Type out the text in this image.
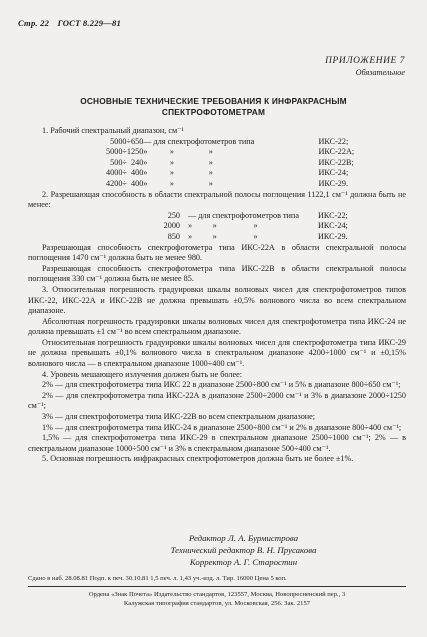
Стр. 22 ГОСТ 8.229—81
ПРИЛОЖЕНИЕ 7
Обязательное
ОСНОВНЫЕ ТЕХНИЧЕСКИЕ ТРЕБОВАНИЯ К ИНФРАКРАСНЫМ
СПЕКТРОФОТОМЕТРАМ

1. Рабочий спектральный диапазон, см⁻¹

5000÷650 — для спектрофотометров типа	ИКС-22;
5000÷1250 »           »                 »	ИКС-22А;
500÷  240 »           »                 »	ИКС-22В;
4000÷  400 »           »                 »	ИКС-24;
4200÷  400 »           »                 »	ИКС-29.

2. Разрешающая способность в области спектральной полосы поглощения 1122,1 см⁻¹ должна быть не менее:

250 — для спектрофотометров типа	ИКС-22;
2000 »          »                  »	ИКС-24;
850 »          »                  »	ИКС-29.

Разрешающая способность спектрофотометра типа ИКС-22А в области спектральной полосы поглощения 1470 см⁻¹ должна быть не менее 980.

Разрешающая способность спектрофотометра типа ИКС-22В в области спектральной полосы поглощения 330 см⁻¹ должна быть не менее 85.

3. Относительная погрешность градуировки шкалы волновых чисел для спектрофотометров типов ИКС-22, ИКС-22А и ИКС-22В не должна превышать ±0,5% волнового числа во всем спектральном диапазоне.

Абсолютная погрешность градуировки шкалы волновых чисел для спектрофотометра типа ИКС-24 не должна превышать ±1 см⁻¹ во всем спектральном диапазоне.

Относительная погрешность градуировки шкалы волновых чисел для спектрофотометра типа ИКС-29 не должна превышать ±0,1% волнового числа в спектральном диапазоне 4200÷1000 см⁻¹ и ±0,15% волнового числа — в спектральном диапазоне 1000÷400 см⁻¹.

4. Уровень мешающего излучения должен быть не более:

2% — для спектрофотометра типа ИКС 22 в диапазоне 2500÷800 см⁻¹ и 5% в диапазоне 800÷650 см⁻¹;

2% — для спектрофотометра типа ИКС-22А в диапазоне 2500÷2000 см⁻¹ и 3% в диапазоне 2000÷1250 см⁻¹;

3% — для спектрофотометра типа ИКС-22В во всем спектральном диапазоне;

1% — для спектрофотометра типа ИКС-24 в диапазоне 2500÷800 см⁻¹ и 2% в диапазоне 800÷400 см⁻¹;

1,5% — для спектрофотометра типа ИКС-29 в спектральном диапазоне 2500÷1000 см⁻¹; 2% — в спектральном диапазоне 1000÷500 см⁻¹ и 3% в спектральном диапазоне 500÷400 см⁻¹.

5. Основная погрешность инфракрасных спектрофотометров должна быть не более ±1%.

Редактор Л. А. Бурмистрова
Технический редактор В. Н. Прусакова
Корректор А. Г. Старостин
Сдано в наб. 28.08.81 Подп. к печ. 30.10.81 1,5 печ. л. 1,43 уч.-изд. л. Тир. 16000 Цена 5 коп.
Ордена «Знак Почета» Издательство стандартов, 123557, Москва, Новопресненский пер., 3
Калужская типография стандартов, ул. Московская, 256. Зак. 2157
